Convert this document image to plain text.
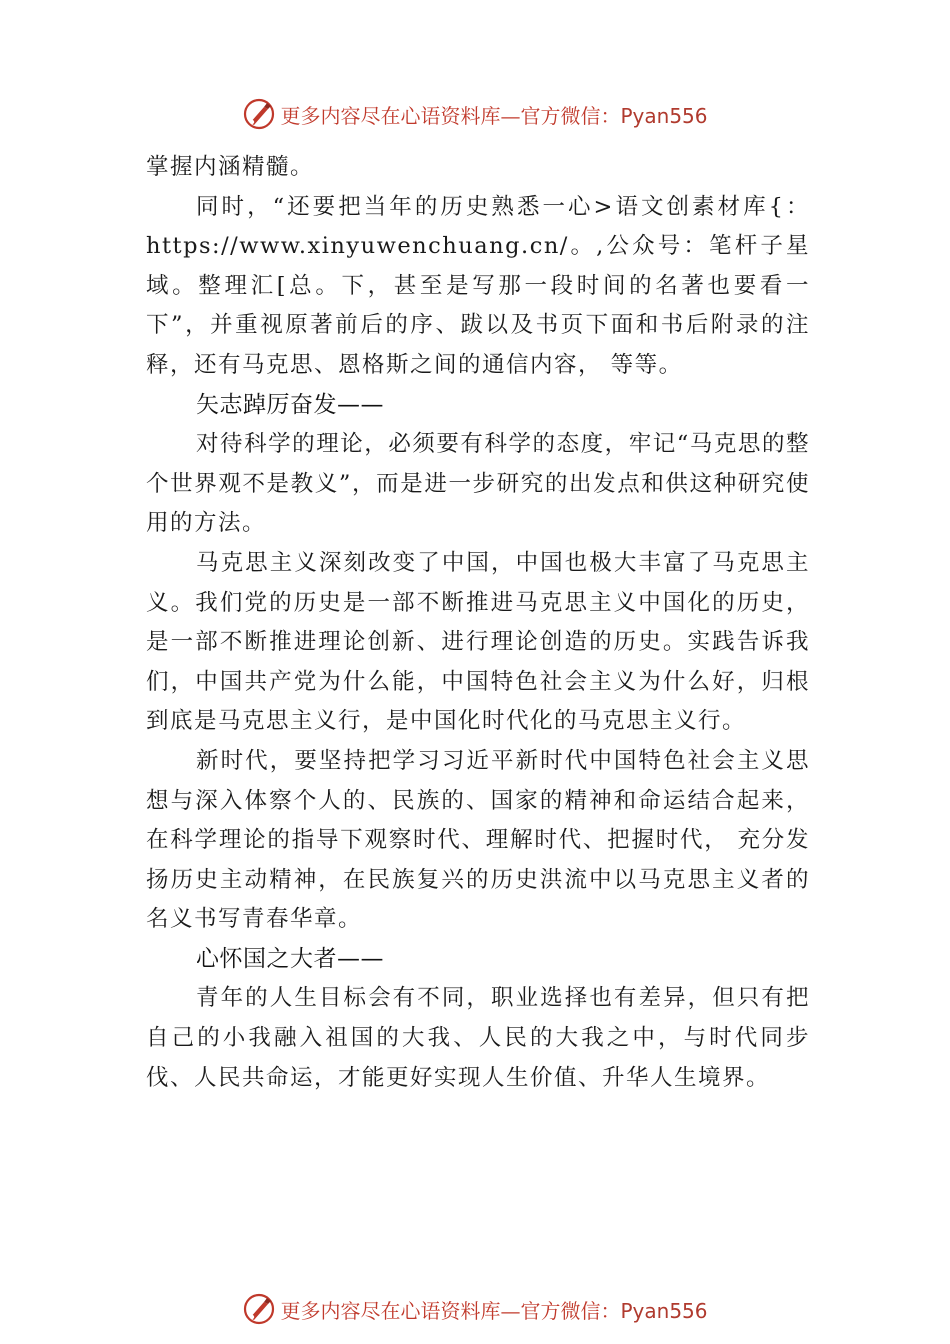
更多内容尽在心语资料库—官方微信：Pyan556

掌握内涵精髓。

同时，“还要把当年的历史熟悉一心>语文创素材库{：https://www.xinyuwenchuang.cn/。,公众号：笔杆子星域。整理汇[总。下，甚至是写那一段时间的名著也要看一下”，并重视原著前后的序、跋以及书页下面和书后附录的注释，还有马克思、恩格斯之间的通信内容， 等等。

矢志踔厉奋发——

对待科学的理论，必须要有科学的态度，牢记“马克思的整个世界观不是教义”，而是进一步研究的出发点和供这种研究使用的方法。

马克思主义深刻改变了中国，中国也极大丰富了马克思主义。我们党的历史是一部不断推进马克思主义中国化的历史，是一部不断推进理论创新、进行理论创造的历史。实践告诉我们，中国共产党为什么能，中国特色社会主义为什么好，归根到底是马克思主义行，是中国化时代化的马克思主义行。

新时代，要坚持把学习习近平新时代中国特色社会主义思想与深入体察个人的、民族的、国家的精神和命运结合起来，在科学理论的指导下观察时代、理解时代、把握时代， 充分发扬历史主动精神，在民族复兴的历史洪流中以马克思主义者的名义书写青春华章。

心怀国之大者——

青年的人生目标会有不同，职业选择也有差异，但只有把自己的小我融入祖国的大我、人民的大我之中，与时代同步伐、人民共命运，才能更好实现人生价值、升华人生境界。

更多内容尽在心语资料库—官方微信：Pyan556
